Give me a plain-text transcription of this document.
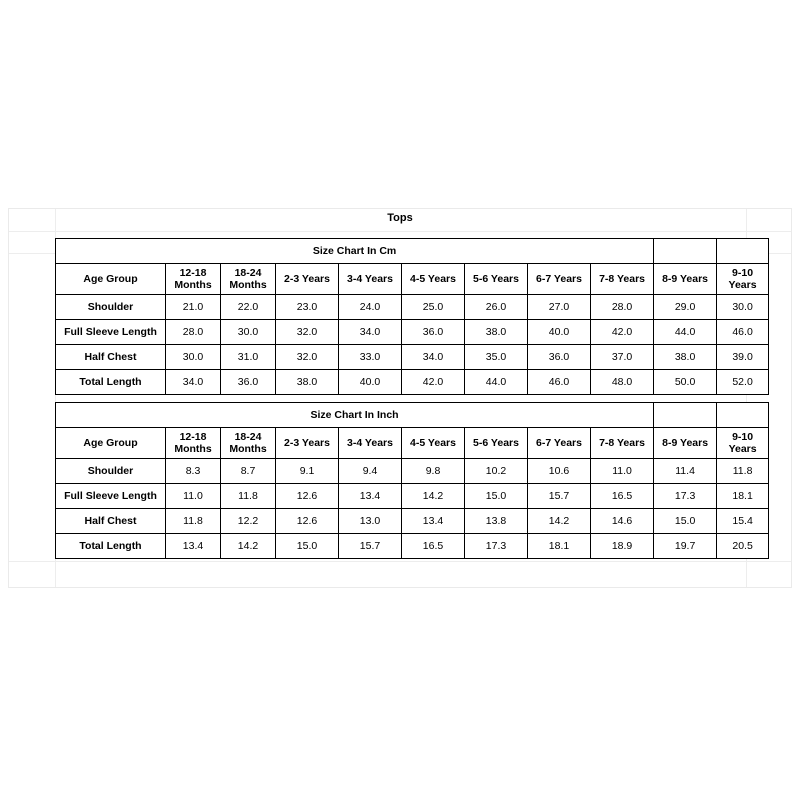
Tops
Size Chart In Cm										
Age Group	12-18 Months	18-24 Months	2-3 Years	3-4 Years	4-5 Years	5-6 Years	6-7 Years	7-8 Years	8-9 Years	9-10 Years
Shoulder	21.0	22.0	23.0	24.0	25.0	26.0	27.0	28.0	29.0	30.0
Full Sleeve Length	28.0	30.0	32.0	34.0	36.0	38.0	40.0	42.0	44.0	46.0
Half Chest	30.0	31.0	32.0	33.0	34.0	35.0	36.0	37.0	38.0	39.0
Total Length	34.0	36.0	38.0	40.0	42.0	44.0	46.0	48.0	50.0	52.0
Size Chart In Inch										
Age Group	12-18 Months	18-24 Months	2-3 Years	3-4 Years	4-5 Years	5-6 Years	6-7 Years	7-8 Years	8-9 Years	9-10 Years
Shoulder	8.3	8.7	9.1	9.4	9.8	10.2	10.6	11.0	11.4	11.8
Full Sleeve Length	11.0	11.8	12.6	13.4	14.2	15.0	15.7	16.5	17.3	18.1
Half Chest	11.8	12.2	12.6	13.0	13.4	13.8	14.2	14.6	15.0	15.4
Total Length	13.4	14.2	15.0	15.7	16.5	17.3	18.1	18.9	19.7	20.5
